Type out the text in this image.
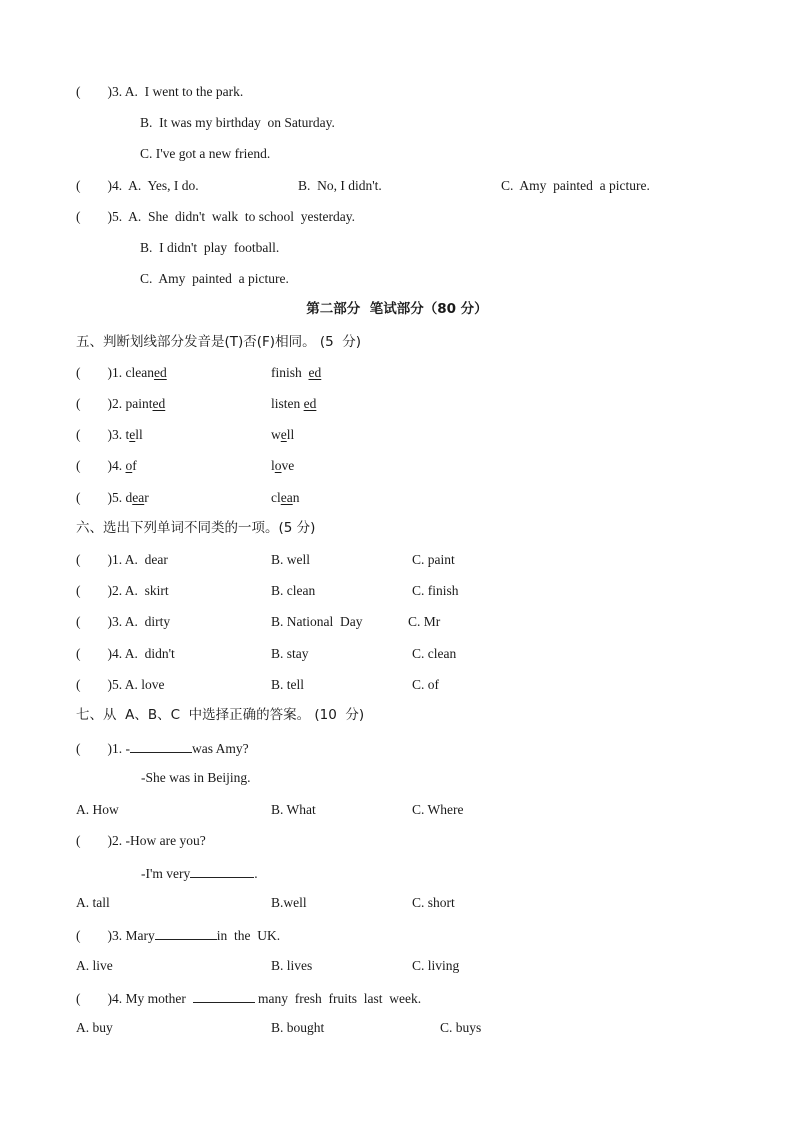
(        )3. A.  I went to the park.
B.  It was my birthday  on Saturday.
C. I've got a new friend.
(        )4.  A.  Yes, I do.	B.  No, I didn't.	C.  Amy  painted  a picture.
(        )5.  A.  She  didn't  walk  to school  yesterday.
B.  I didn't  play  football.
C.  Amy  painted  a picture.
第二部分  笔试部分（80 分）
五、判断划线部分发音是(T)否(F)相同。 (5  分)
(        )1. cleaned	finish  ed
(        )2. painted	listen ed
(        )3. tell	well
(        )4. of	love
(        )5. dear	clean
六、选出下列单词不同类的一项。(5 分)
(        )1. A.  dear	B. well	C. paint
(        )2. A.  skirt	B. clean	C. finish
(        )3. A.  dirty	B. National  Day	C. Mr
(        )4. A.  didn't	B. stay	C. clean
(        )5. A. love	B. tell	C. of
七、从  A、B、C  中选择正确的答案。 (10  分)
(        )1. -	was Amy?
-She was in Beijing.
A. How	B. What	C. Where
(        )2. -How are you?
-I'm very	.
A. tall	B.well	C. short
(        )3. Mary	in  the  UK.
A. live	B. lives	C. living
(        )4. My mother	many  fresh  fruits  last  week.
A. buy	B. bought	C. buys
